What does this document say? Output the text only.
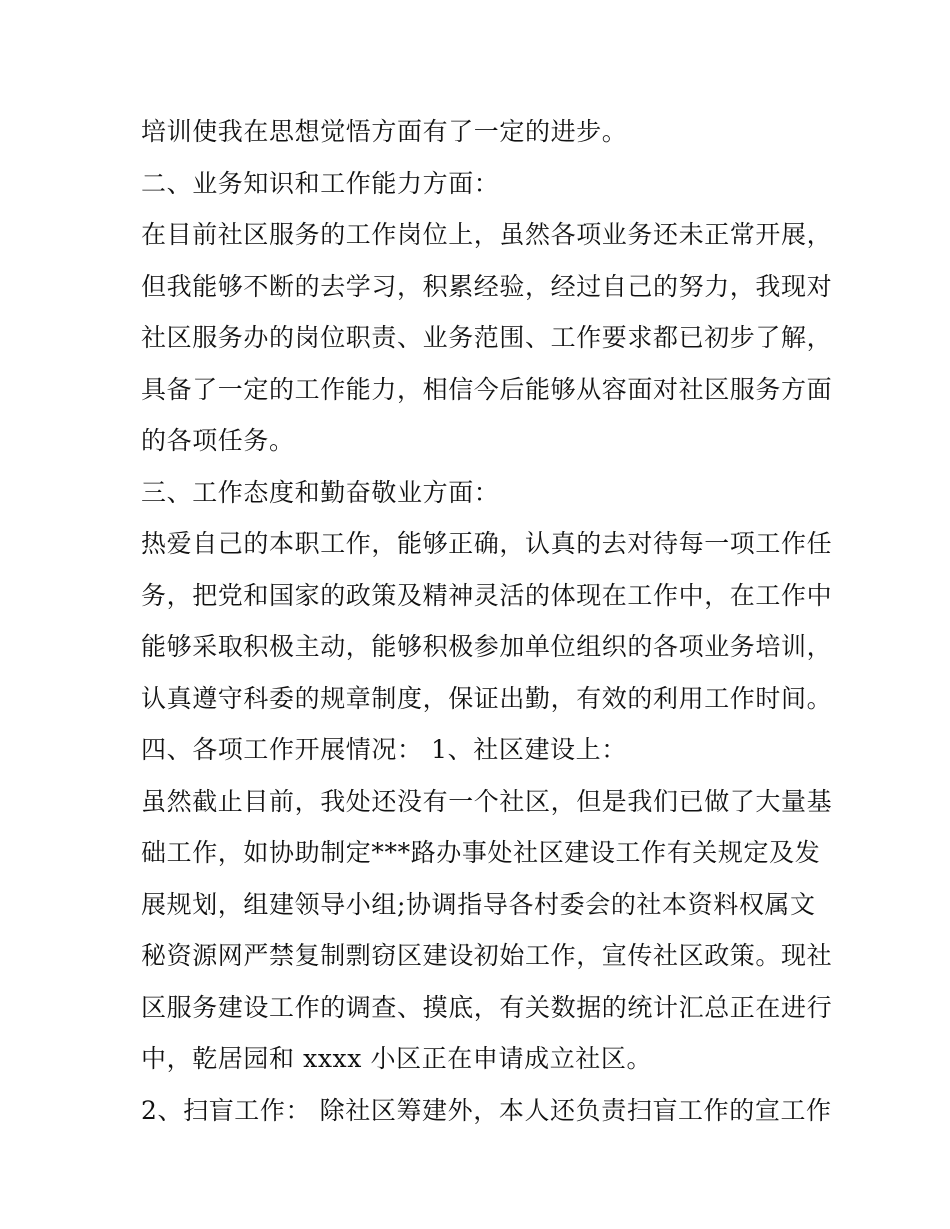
培训使我在思想觉悟方面有了一定的进步。
二、业务知识和工作能力方面：
在目前社区服务的工作岗位上，虽然各项业务还未正常开展，
但我能够不断的去学习，积累经验，经过自己的努力，我现对
社区服务办的岗位职责、业务范围、工作要求都已初步了解，
具备了一定的工作能力，相信今后能够从容面对社区服务方面
的各项任务。
三、工作态度和勤奋敬业方面：
热爱自己的本职工作，能够正确，认真的去对待每一项工作任
务，把党和国家的政策及精神灵活的体现在工作中，在工作中
能够采取积极主动，能够积极参加单位组织的各项业务培训，
认真遵守科委的规章制度，保证出勤，有效的利用工作时间。
四、各项工作开展情况： 1、社区建设上：
虽然截止目前，我处还没有一个社区，但是我们已做了大量基
础工作，如协助制定***路办事处社区建设工作有关规定及发
展规划，组建领导小组;协调指导各村委会的社本资料权属文
秘资源网严禁复制剽窃区建设初始工作，宣传社区政策。现社
区服务建设工作的调查、摸底，有关数据的统计汇总正在进行
中，乾居园和 xxxx 小区正在申请成立社区。
2、扫盲工作： 除社区筹建外，本人还负责扫盲工作的宣工作
